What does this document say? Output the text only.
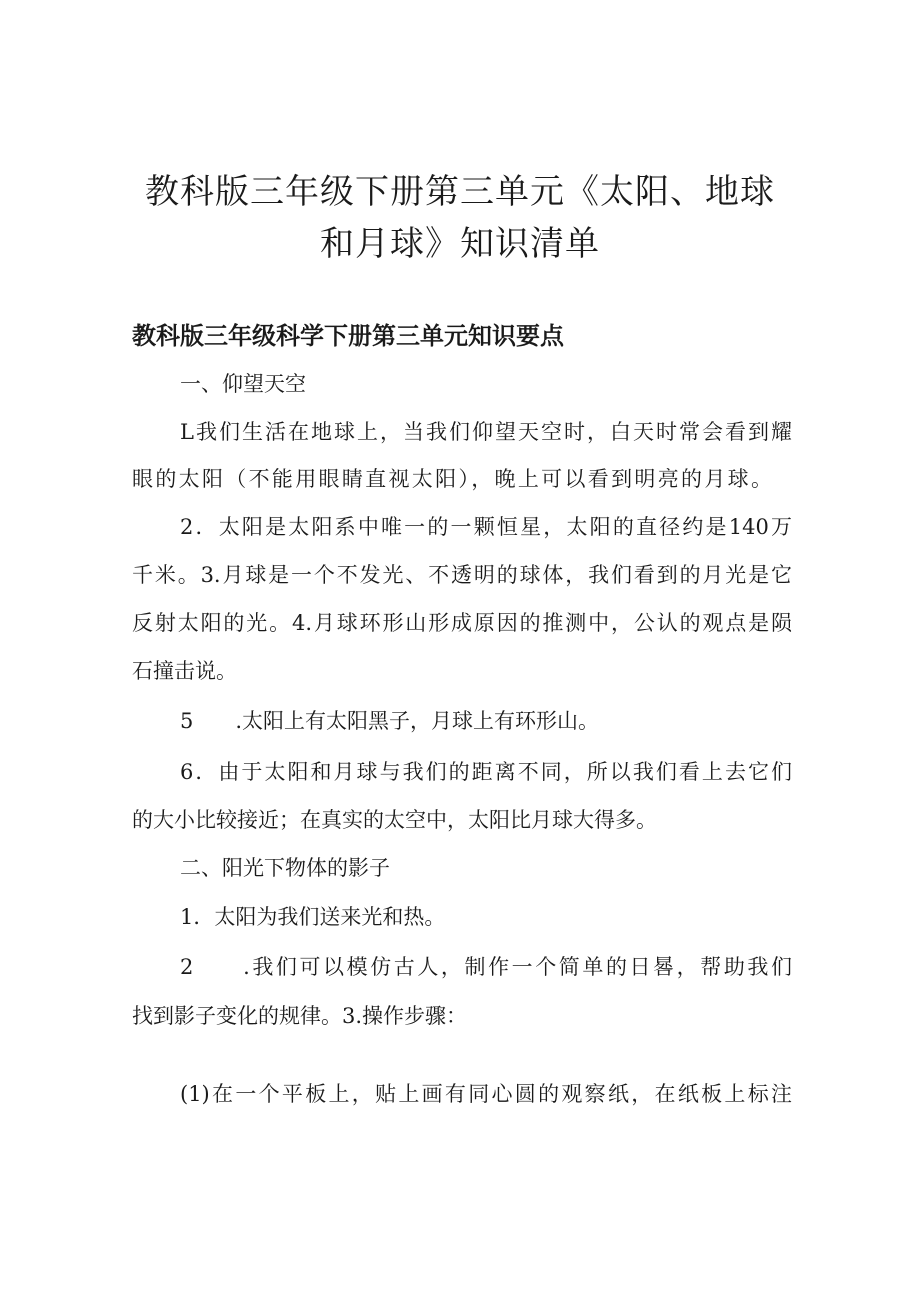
教科版三年级下册第三单元《太阳、地球
和月球》知识清单
教科版三年级科学下册第三单元知识要点

一、仰望天空

L我们生活在地球上，当我们仰望天空时，白天时常会看到耀

眼的太阳（不能用眼睛直视太阳），晚上可以看到明亮的月球。

2．太阳是太阳系中唯一的一颗恒星，太阳的直径约是140万

千米。3.月球是一个不发光、不透明的球体，我们看到的月光是它

反射太阳的光。4.月球环形山形成原因的推测中，公认的观点是陨

石撞击说。

5　　.太阳上有太阳黑子，月球上有环形山。

6．由于太阳和月球与我们的距离不同，所以我们看上去它们

的大小比较接近；在真实的太空中，太阳比月球大得多。

二、阳光下物体的影子

1．太阳为我们送来光和热。

2　　.我们可以模仿古人，制作一个简单的日晷，帮助我们

找到影子变化的规律。3.操作步骤：

(1)在一个平板上，贴上画有同心圆的观察纸，在纸板上标注
